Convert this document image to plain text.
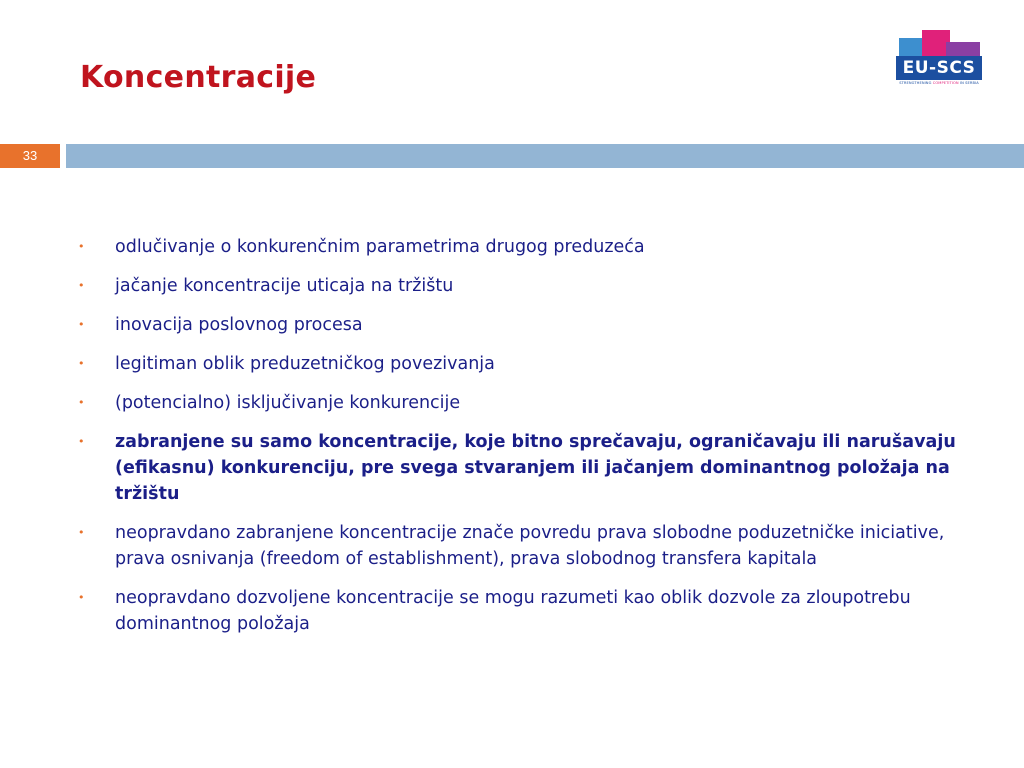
Koncentracije	EU-SCS
STRENGTHENING COMPETITION IN SERBIA
33
• odlučivanje o konkurenčnim parametrima drugog preduzeća
• jačanje koncentracije uticaja na tržištu
• inovacija poslovnog procesa
• legitiman oblik preduzetničkog povezivanja
• (potencialno) isključivanje konkurencije
• zabranjene su samo koncentracije, koje bitno sprečavaju, ograničavaju ili narušavaju (efikasnu) konkurenciju, pre svega stvaranjem ili jačanjem dominantnog položaja na tržištu
• neopravdano zabranjene koncentracije znače povredu prava slobodne poduzetničke iniciative, prava osnivanja (freedom of establishment), prava slobodnog transfera kapitala
• neopravdano dozvoljene koncentracije se mogu razumeti kao oblik dozvole za zloupotrebu dominantnog položaja
